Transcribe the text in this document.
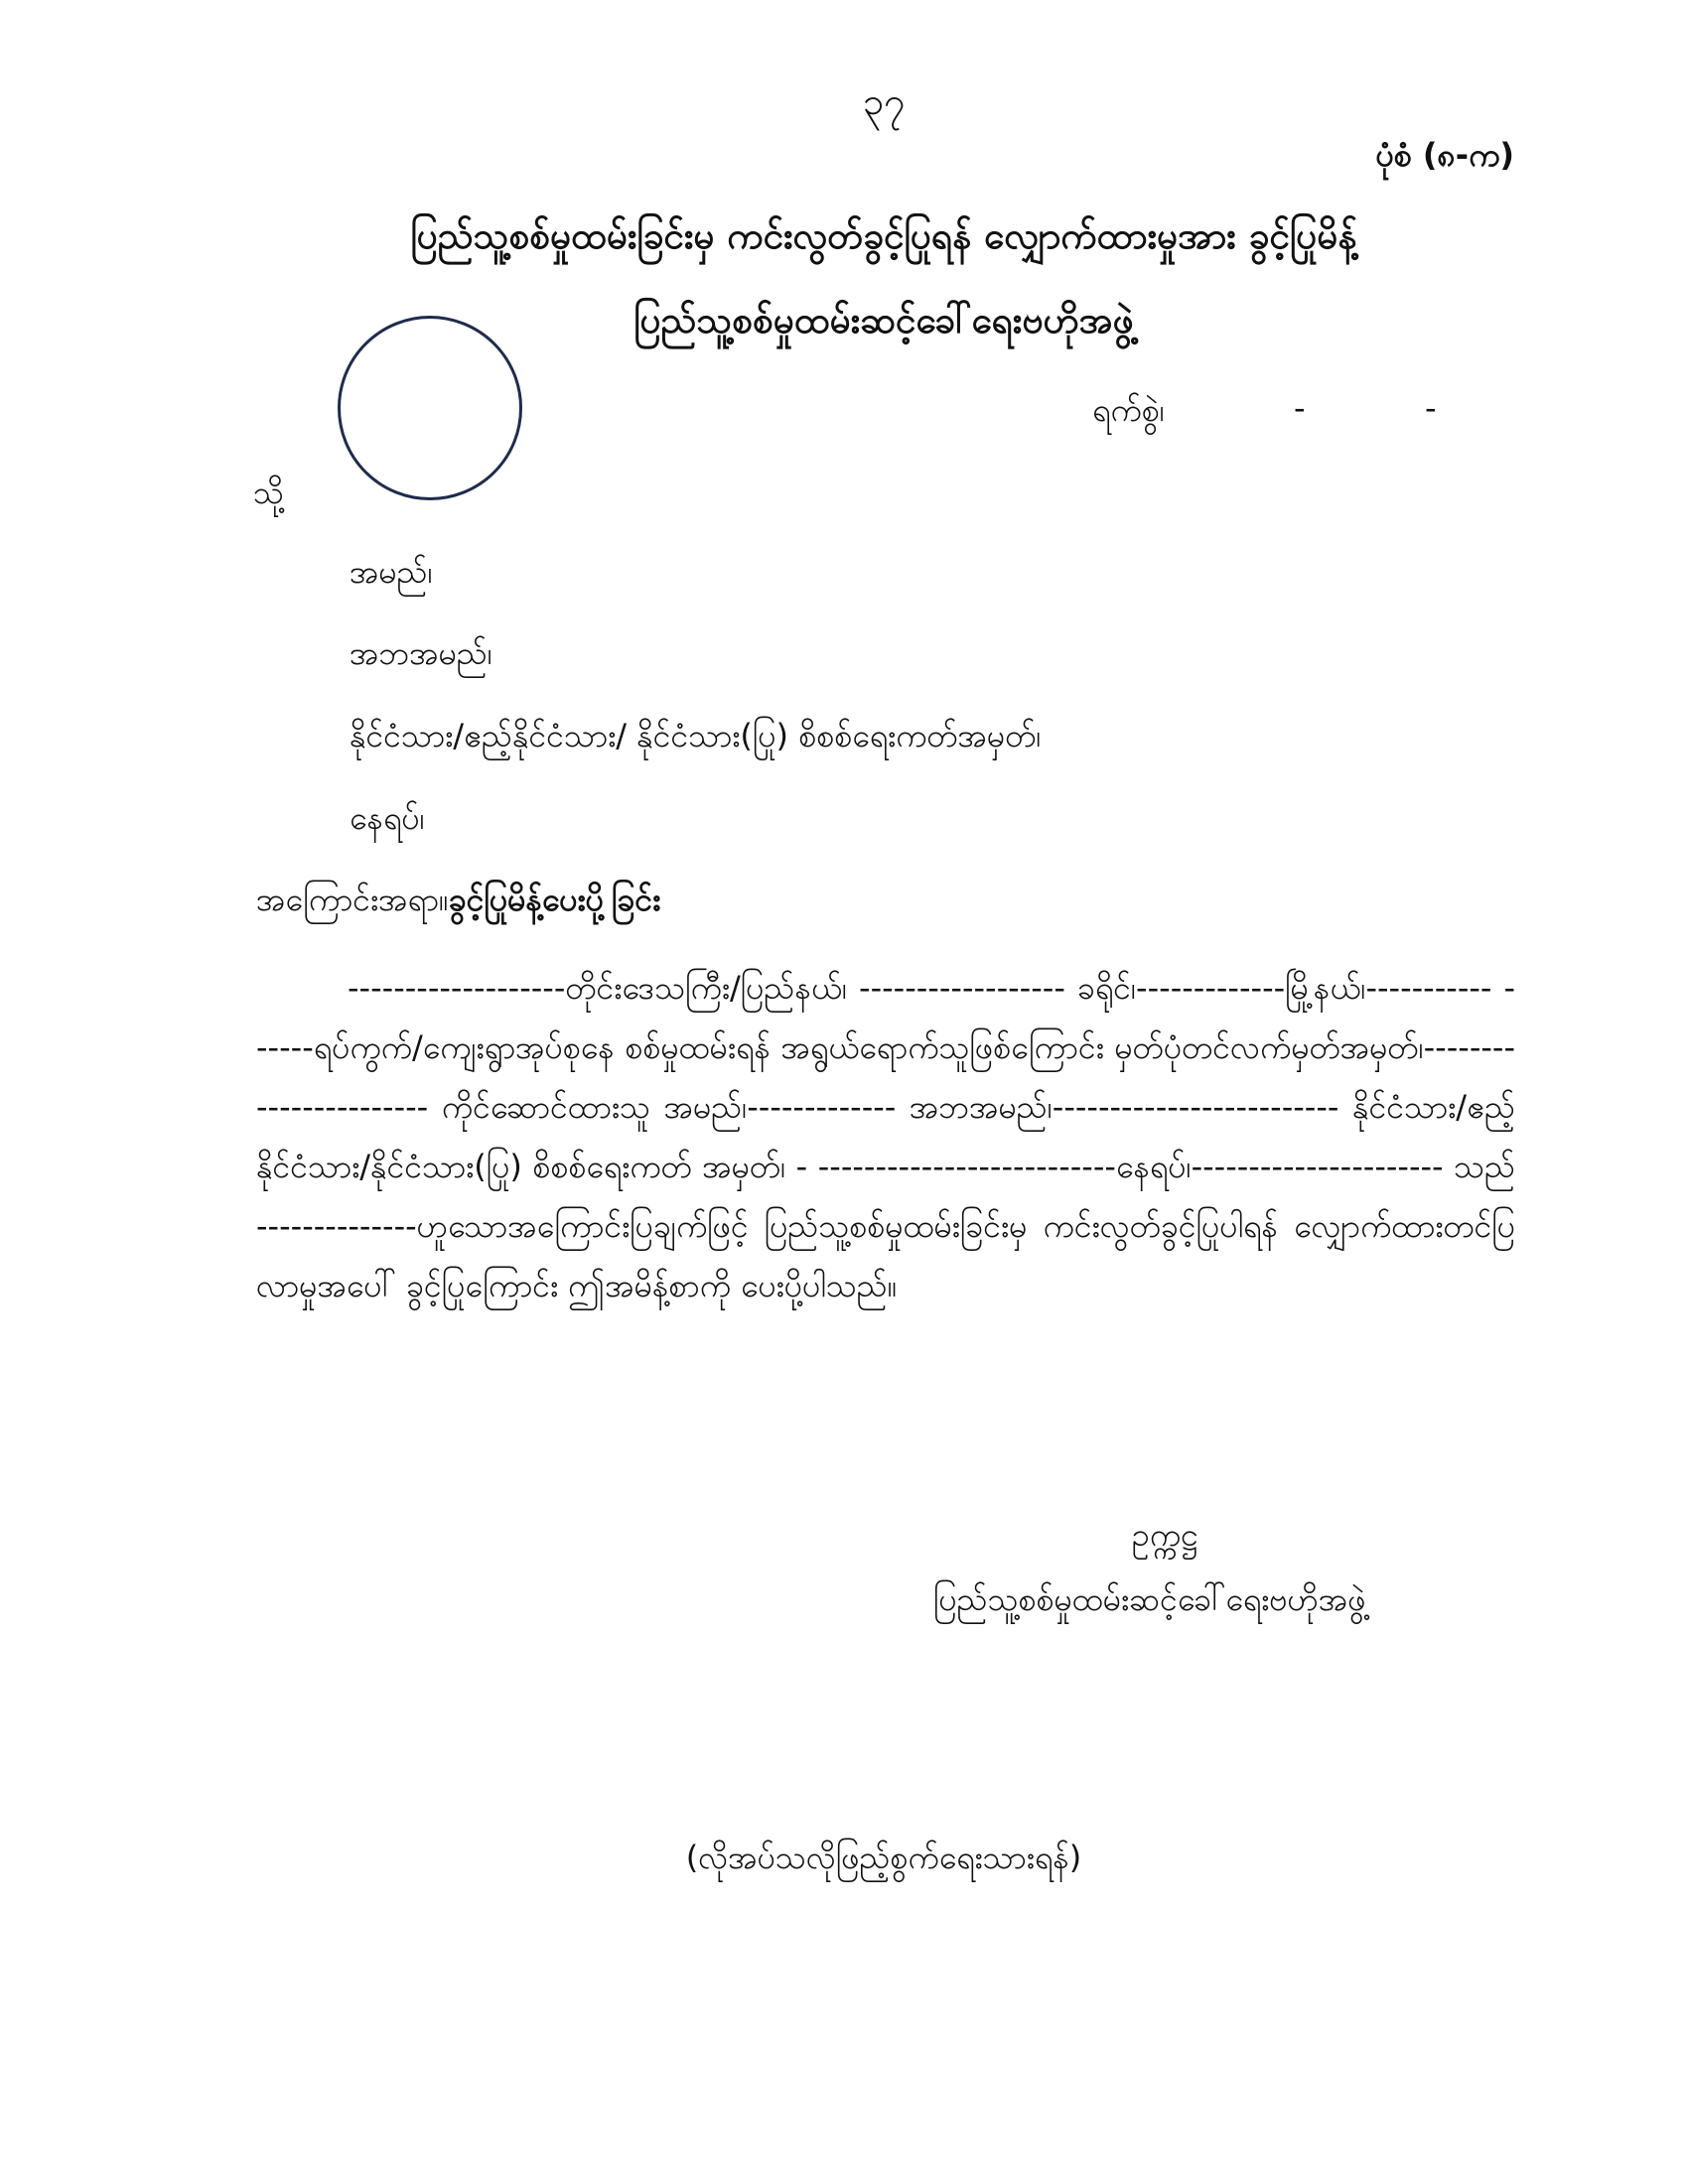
၃၇
ပုံစံ (၈-က)
ပြည်သူ့စစ်မှုထမ်းခြင်းမှ ကင်းလွတ်ခွင့်ပြုရန် လျှောက်ထားမှုအား ခွင့်ပြုမိန့်
ပြည်သူ့စစ်မှုထမ်းဆင့်ခေါ်ရေးဗဟိုအဖွဲ့
ရက်စွဲ၊	-	-
သို့
အမည်၊
အဘအမည်၊
နိုင်ငံသား/ဧည့်နိုင်ငံသား/ နိုင်ငံသား(ပြု) စိစစ်ရေးကတ်အမှတ်၊
နေရပ်၊
အကြောင်းအရာ။ခွင့်ပြုမိန့်ပေးပို့ခြင်း
-------------------တိုင်းဒေသကြီး/ပြည်နယ်၊ ------------------ ခရိုင်၊-------------မြို့နယ်၊----------- ------ရပ်ကွက်/ကျေးရွာအုပ်စုနေ စစ်မှုထမ်းရန် အရွယ်ရောက်သူဖြစ်ကြောင်း မှတ်ပုံတင်လက်မှတ်အမှတ်၊----------------------- ကိုင်ဆောင်ထားသူ အမည်၊------------- အဘအမည်၊------------------------- နိုင်ငံသား/ဧည့်နိုင်ငံသား/နိုင်ငံသား(ပြု) စိစစ်ရေးကတ် အမှတ်၊ - --------------------------နေရပ်၊---------------------- သည် --------------ဟူသောအကြောင်းပြချက်ဖြင့် ပြည်သူ့စစ်မှုထမ်းခြင်းမှ ကင်းလွတ်ခွင့်ပြုပါရန် လျှောက်ထားတင်ပြ လာမှုအပေါ် ခွင့်ပြုကြောင်း ဤအမိန့်စာကို ပေးပို့ပါသည်။
ဥက္ကဋ္ဌ
ပြည်သူ့စစ်မှုထမ်းဆင့်ခေါ်ရေးဗဟိုအဖွဲ့
(လိုအပ်သလိုဖြည့်စွက်ရေးသားရန်)
